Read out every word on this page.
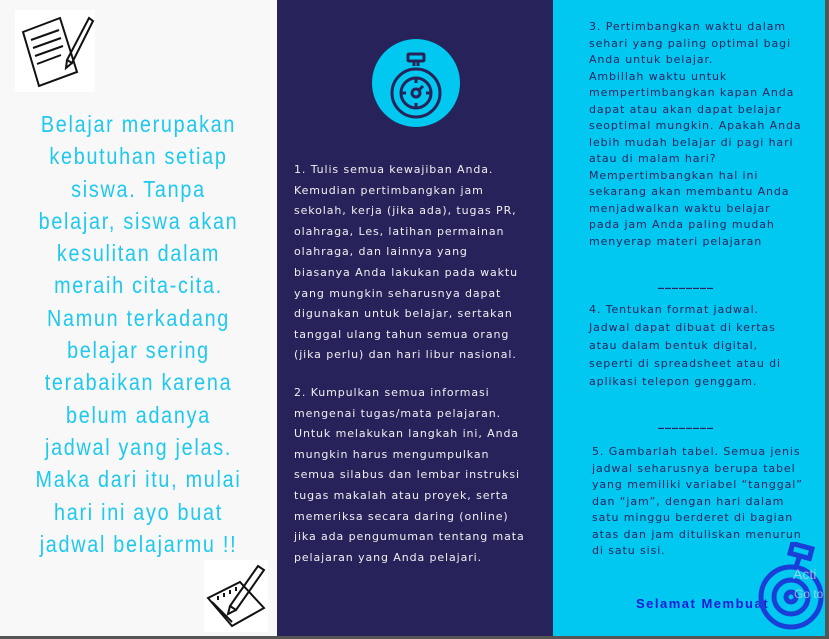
Belajar merupakan
kebutuhan setiap
siswa. Tanpa
belajar, siswa akan
kesulitan dalam
meraih cita-cita.
Namun terkadang
belajar sering
terabaikan karena
belum adanya
jadwal yang jelas.
Maka dari itu, mulai
hari ini ayo buat
jadwal belajarmu !!
1. Tulis semua kewajiban Anda.
Kemudian pertimbangkan jam
sekolah, kerja (jika ada), tugas PR,
olahraga, Les, latihan permainan
olahraga, dan lainnya yang
biasanya Anda lakukan pada waktu
yang mungkin seharusnya dapat
digunakan untuk belajar, sertakan
tanggal ulang tahun semua orang
(jika perlu) dan hari libur nasional.
2. Kumpulkan semua informasi
mengenai tugas/mata pelajaran.
Untuk melakukan langkah ini, Anda
mungkin harus mengumpulkan
semua silabus dan lembar instruksi
tugas makalah atau proyek, serta
memeriksa secara daring (online)
jika ada pengumuman tentang mata
pelajaran yang Anda pelajari.
3. Pertimbangkan waktu dalam
sehari yang paling optimal bagi
Anda untuk belajar.
Ambillah waktu untuk
mempertimbangkan kapan Anda
dapat atau akan dapat belajar
seoptimal mungkin. Apakah Anda
lebih mudah belajar di pagi hari
atau di malam hari?
Mempertimbangkan hal ini
sekarang akan membantu Anda
menjadwalkan waktu belajar
pada jam Anda paling mudah
menyerap materi pelajaran
________
4. Tentukan format jadwal.
Jadwal dapat dibuat di kertas
atau dalam bentuk digital,
seperti di spreadsheet atau di
aplikasi telepon genggam.
________
5. Gambarlah tabel. Semua jenis
jadwal seharusnya berupa tabel
yang memiliki variabel “tanggal”
dan “jam”, dengan hari dalam
satu minggu berderet di bagian
atas dan jam dituliskan menurun
di satu sisi.
Selamat Membuat
Acti
Go to
